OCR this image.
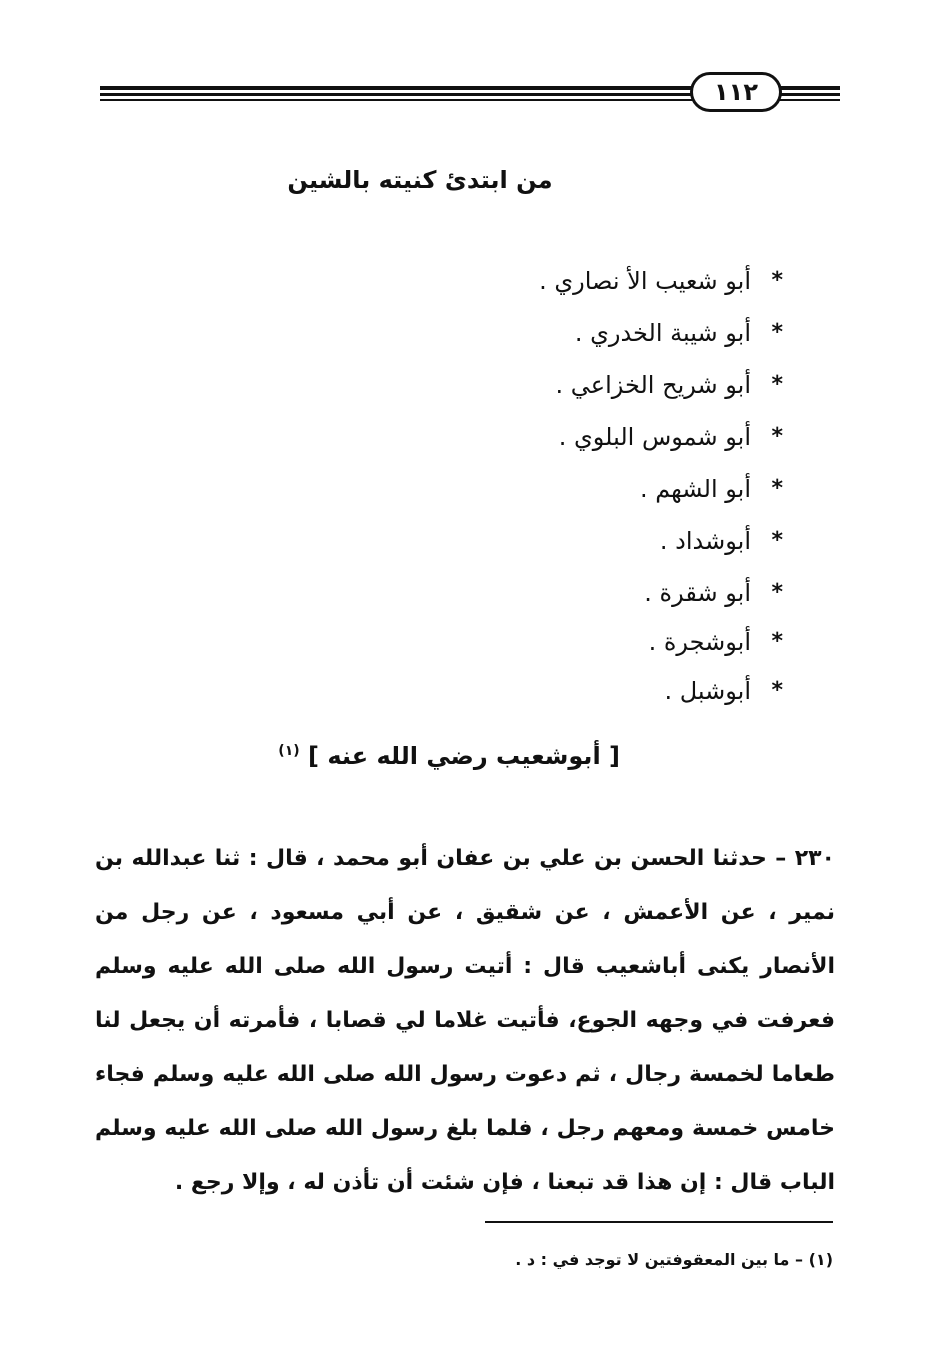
١١٢
من ابتدئ كنيته بالشين
*
أبو شعيب الأ نصاري .
*
أبو شيبة الخدري .
*
أبو شريح الخزاعي .
*
أبو شموس البلوي .
*
أبو الشهم .
*
أبوشداد .
*
أبو شقرة .
*
أبوشجرة .
*
أبوشبل .
[ أبوشعيب رضي الله عنه ] $^{(١)}$

٢٣٠ – حدثنا الحسن بن علي بن عفان أبو محمد ، قال : ثنا عبدالله بن نمير ، عن الأعمش ، عن شقيق ، عن أبي مسعود ، عن رجل من الأنصار يكنى أباشعيب قال : أتيت رسول الله صلى الله عليه وسلم فعرفت في وجهه الجوع، فأتيت غلاما لي قصابا ، فأمرته أن يجعل لنا طعاما لخمسة رجال ، ثم دعوت رسول الله صلى الله عليه وسلم فجاء خامس خمسة ومعهم رجل ، فلما بلغ رسول الله صلى الله عليه وسلم الباب قال : إن هذا قد تبعنا ، فإن شئت أن تأذن له ، وإلا رجع .

(١) – ما بين المعقوفتين لا توجد في : د .
